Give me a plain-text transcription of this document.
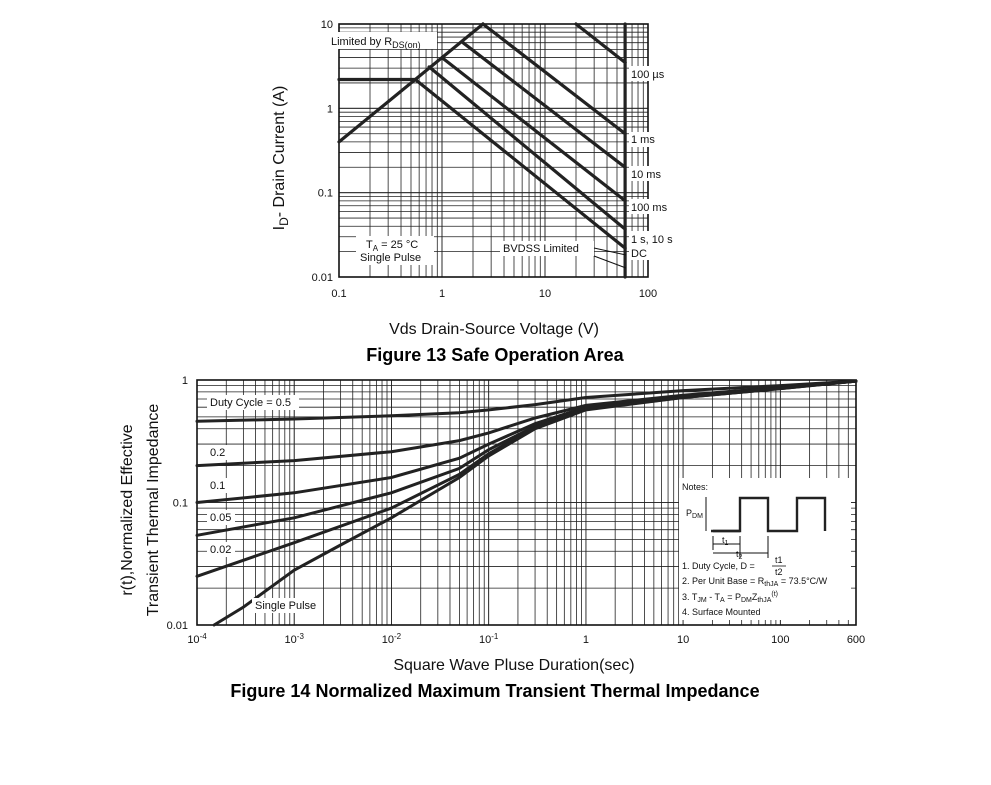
0.1	1	10	100
0.01
0.1
1
10
Limited by $R_{DS(on)}$
100 µs
1 ms
10 ms
100 ms
1 s, 10 s
DC
BVDSS Limited
$T_A = 25$ °C
Single Pulse
Vds Drain-Source Voltage (V)
$I_D-$ Drain Current (A)
Figure 13 Safe Operation Area
$10^{-4}$	$10^{-3}$	$10^{-2}$	$10^{-1}$	1	10	100	600
0.01
0.1
1
Duty Cycle = 0.5
0.2
0.1
0.05
0.02
Single Pulse
Notes:
$P_{DM}$
$t_1$
$t_2$
1. Duty Cycle, D =
t1
t2
2. Per Unit Base = $R_{thJA} = 73.5^\circ C/W$
3. $T_{JM} - T_A = P_{DM}Z_{thJA}^{(t)}$
4. Surface Mounted
Square Wave Pluse Duration(sec)
r(t),Normalized Effective Transient Thermal Impedance
Figure 14 Normalized Maximum Transient Thermal Impedance
